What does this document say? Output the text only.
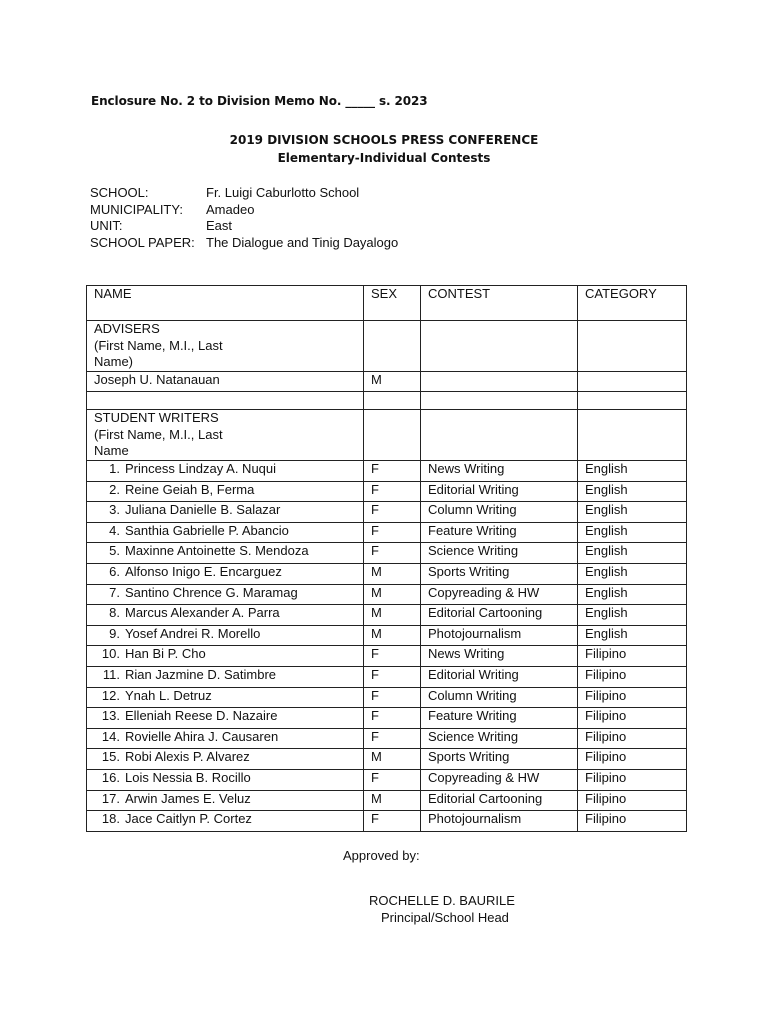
Enclosure No. 2 to Division Memo No. _____ s. 2023
2019 DIVISION SCHOOLS PRESS CONFERENCE
Elementary-Individual Contests
SCHOOL:	Fr. Luigi Caburlotto School
MUNICIPALITY:	Amadeo
UNIT:	East
SCHOOL PAPER: The Dialogue and Tinig Dayalogo
NAME	SEX	CONTEST	CATEGORY
ADVISERS
(First Name, M.I., Last
Name)			
Joseph U. Natanauan	M		

STUDENT WRITERS
(First Name, M.I., Last
Name			
1. Princess Lindzay A. Nuqui	F	News Writing	English
2. Reine Geiah B, Ferma	F	Editorial Writing	English
3. Juliana Danielle B. Salazar	F	Column Writing	English
4. Santhia Gabrielle P. Abancio	F	Feature Writing	English
5. Maxinne Antoinette S. Mendoza	F	Science Writing	English
6. Alfonso Inigo E. Encarguez	M	Sports Writing	English
7. Santino Chrence G. Maramag	M	Copyreading & HW	English
8. Marcus Alexander A. Parra	M	Editorial Cartooning	English
9. Yosef Andrei R. Morello	M	Photojournalism	English
10. Han Bi P. Cho	F	News Writing	Filipino
11. Rian Jazmine D. Satimbre	F	Editorial Writing	Filipino
12. Ynah L. Detruz	F	Column Writing	Filipino
13. Elleniah Reese D. Nazaire	F	Feature Writing	Filipino
14. Rovielle Ahira J. Causaren	F	Science Writing	Filipino
15. Robi Alexis P. Alvarez	M	Sports Writing	Filipino
16. Lois Nessia B. Rocillo	F	Copyreading & HW	Filipino
17. Arwin James E. Veluz	M	Editorial Cartooning	Filipino
18. Jace Caitlyn P. Cortez	F	Photojournalism	Filipino
Approved by:
ROCHELLE D. BAURILE
Principal/School Head
